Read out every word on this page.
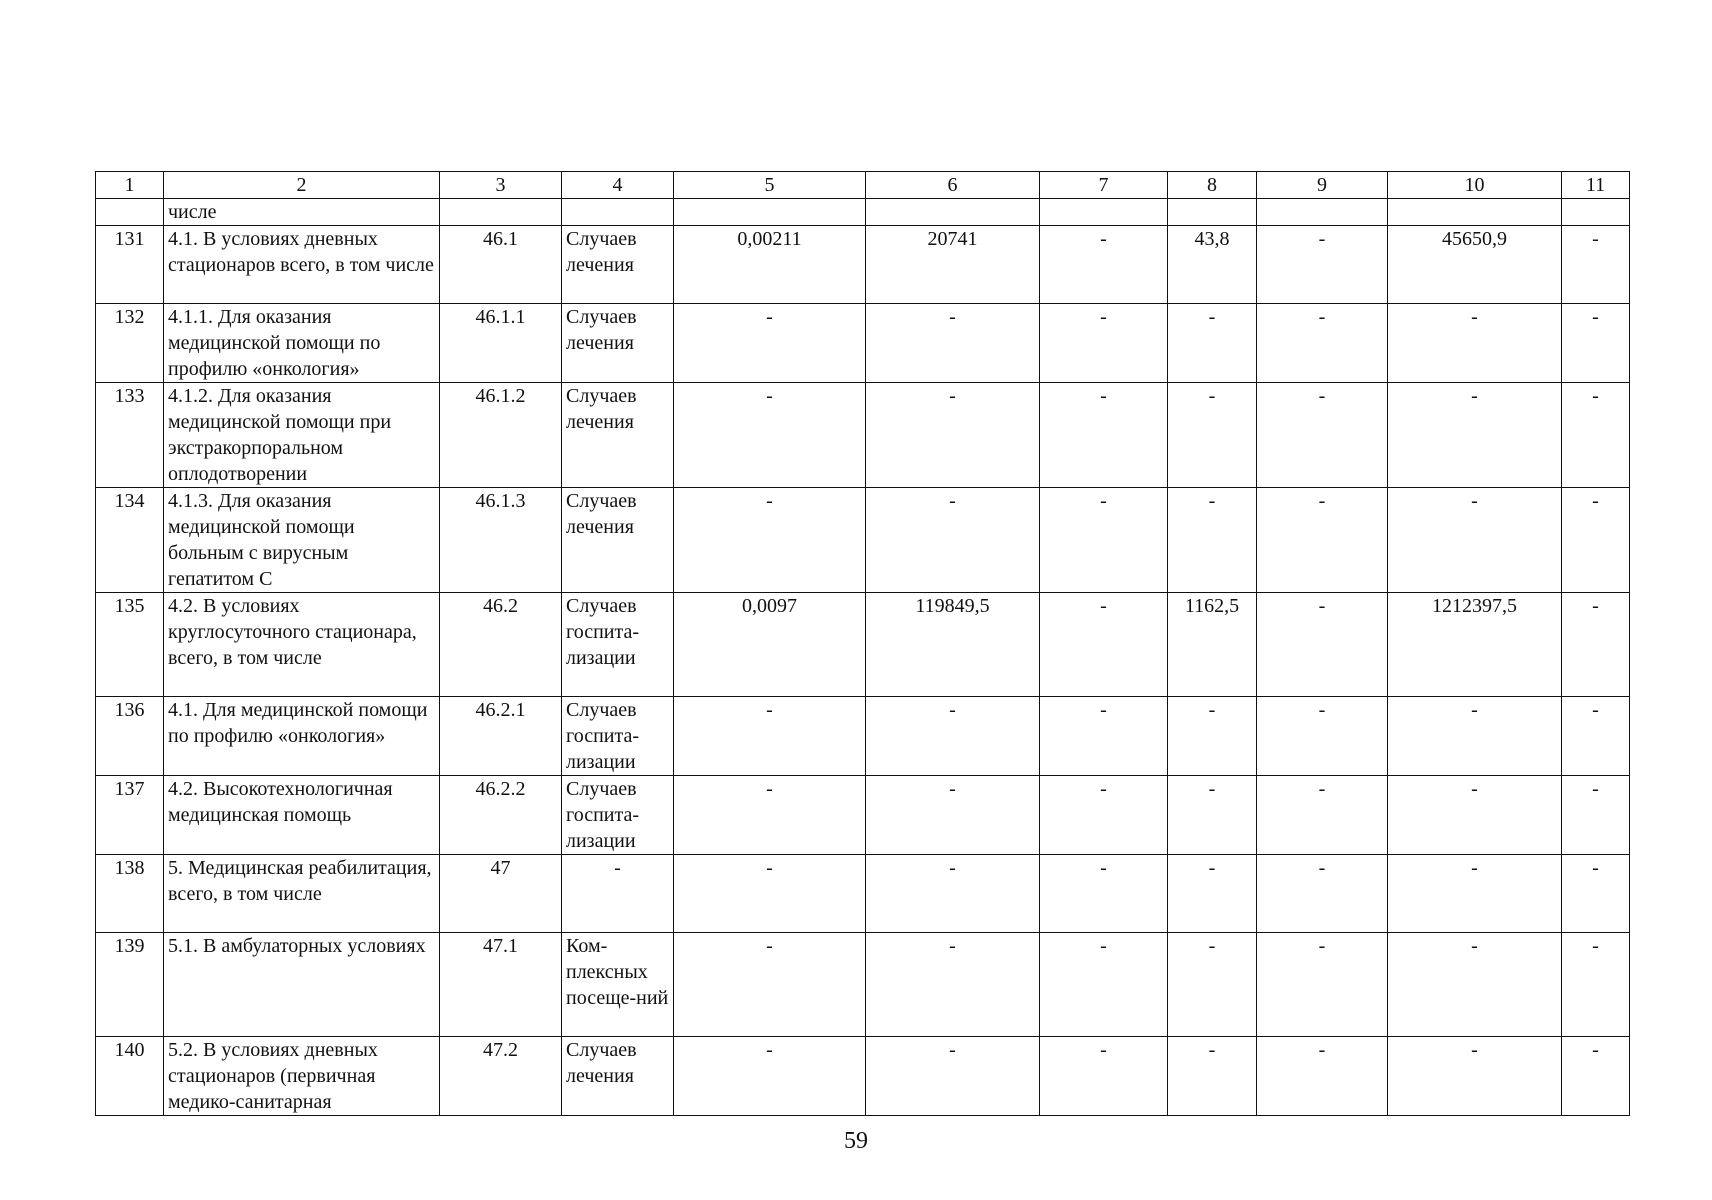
1	2	3	4	5	6	7	8	9	10	11
	числе									
131	4.1. В условиях дневных стационаров всего, в том числе	46.1	Случаев лечения	0,00211	20741	-	43,8	-	45650,9	-
132	4.1.1. Для оказания медицинской помощи по профилю «онкология»	46.1.1	Случаев лечения	-	-	-	-	-	-	-
133	4.1.2. Для оказания медицинской помощи при экстракорпоральном оплодотворении	46.1.2	Случаев лечения	-	-	-	-	-	-	-
134	4.1.3. Для оказания медицинской помощи больным с вирусным гепатитом С	46.1.3	Случаев лечения	-	-	-	-	-	-	-
135	4.2. В условиях круглосуточного стационара, всего, в том числе	46.2	Случаев госпита-лизации	0,0097	119849,5	-	1162,5	-	1212397,5	-
136	4.1. Для медицинской помощи по профилю «онкология»	46.2.1	Случаев госпита-лизации	-	-	-	-	-	-	-
137	4.2. Высокотехнологичная медицинская помощь	46.2.2	Случаев госпита-лизации	-	-	-	-	-	-	-
138	5. Медицинская реабилитация, всего, в том числе	47	-	-	-	-	-	-	-	-
139	5.1. В амбулаторных условиях	47.1	Ком-плексных посеще-ний	-	-	-	-	-	-	-
140	5.2. В условиях дневных стационаров (первичная медико-санитарная	47.2	Случаев лечения	-	-	-	-	-	-	-
59
